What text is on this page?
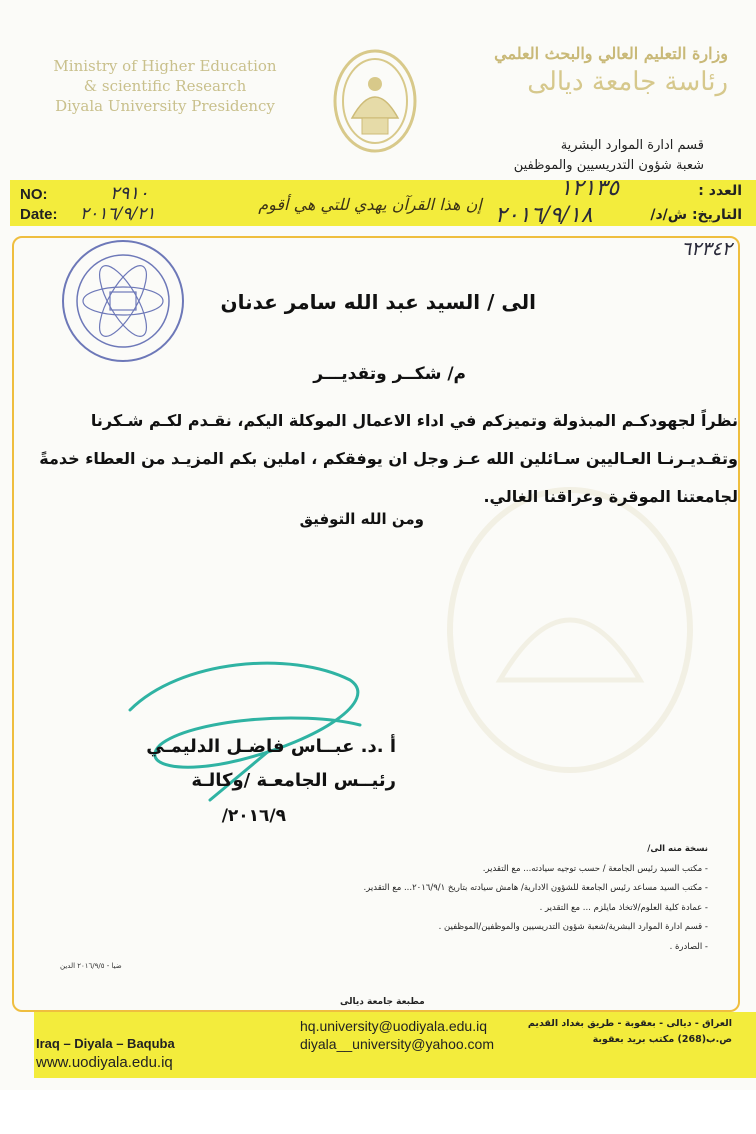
Ministry of Higher Education
& scientific Research
Diyala University Presidency
وزارة التعليم العالي والبحث العلمي
رئاسة جامعة ديالى
قسم ادارة الموارد البشرية
شعبة شؤون التدريسيين والموظفين
NO:
Date:
٢٩١٠
٢٠١٦/٩/٢١	إن هذا القرآن يهدي للتي هي أقوم
العدد :
التاريخ: ش/د/
١٢١٣٥
٢٠١٦/٩/١٨
٦٢٣٤٢
الى / السيد عبد الله سامر عدنان
م/ شكــر وتقديـــر
نظراً لجهودكـم المبذولة وتميزكم في اداء الاعمال الموكلة اليكم، نقـدم لكـم شـكرنا
وتقـديـرنـا العـاليين سـائلين الله عـز وجل ان يوفقكم ، املين بكم المزيـد من العطاء خدمةً
لجامعتنا الموقرة وعراقنا الغالي.
ومن الله التوفيق
أ .د. عبــاس فاضـل الدليمـي
رئيــس الجامعـة /وكالـة
٢٠١٦/٩/
نسخة منه الى/
- مكتب السيد رئيس الجامعة / حسب توجيه سيادته... مع التقدير.
- مكتب السيد مساعد رئيس الجامعة للشؤون الادارية/ هامش سيادته بتاريخ ٢٠١٦/٩/١... مع التقدير.
- عمادة كلية العلوم/لاتخاذ مايلزم ... مع التقدير .
- قسم ادارة الموارد البشرية/شعبة شؤون التدريسيين والموظفين/الموظفين .
- الصادرة .
ضيا - ٢٠١٦/٩/٥ الدين
مطبعة جامعة ديالى
Iraq – Diyala – Baquba
www.uodiyala.edu.iq
hq.university@uodiyala.edu.iq
diyala__university@yahoo.com
العراق - ديالى - بعقوبة - طريق بغداد القديم
ص.ب(268) مكتب بريد بعقوبة
